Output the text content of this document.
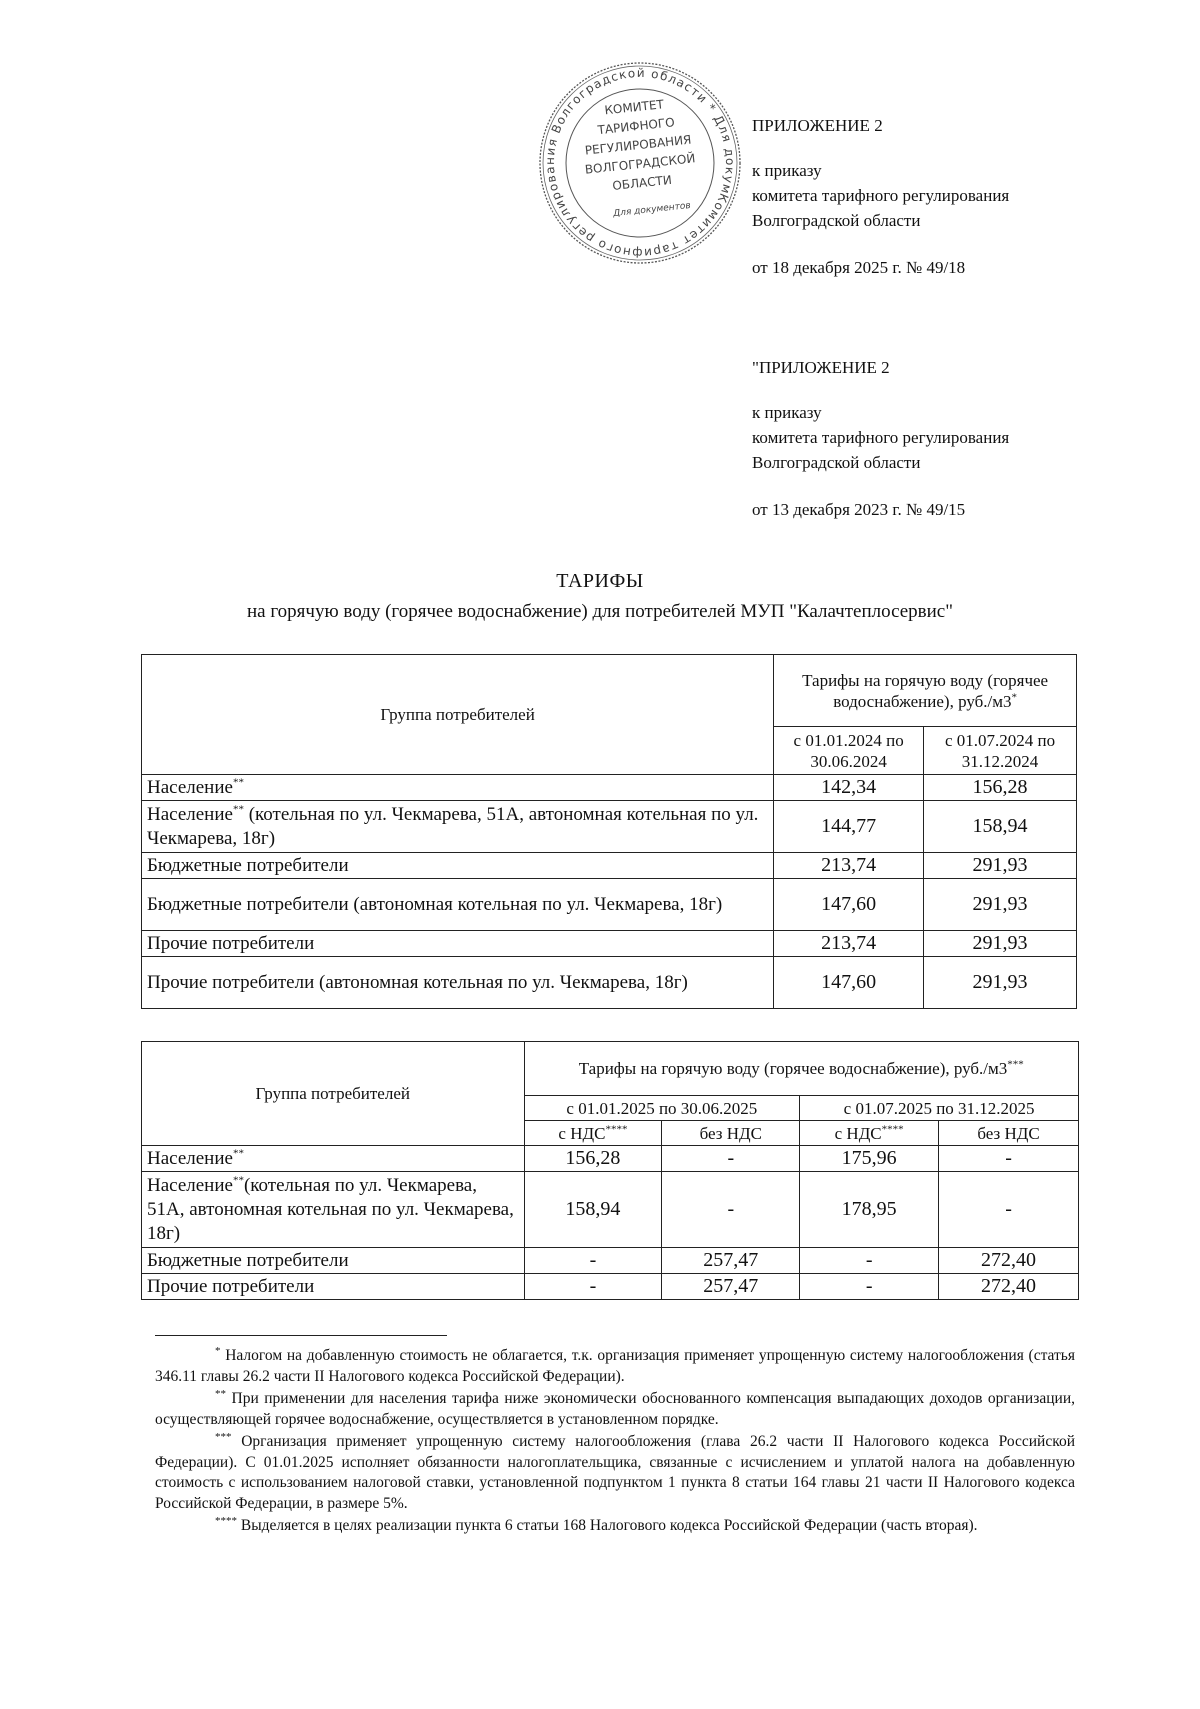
Комитет тарифного регулирования Волгоградской области * Для документов
КОМИТЕТ
ТАРИФНОГО
РЕГУЛИРОВАНИЯ
ВОЛГОГРАДСКОЙ
ОБЛАСТИ
Для документов
ПРИЛОЖЕНИЕ 2
к приказу
комитета тарифного регулирования
Волгоградской области
от 18 декабря 2025 г. № 49/18
"ПРИЛОЖЕНИЕ 2
к приказу
комитета тарифного регулирования
Волгоградской области
от 13 декабря 2023 г. № 49/15
ТАРИФЫ
на горячую воду (горячее водоснабжение) для потребителей МУП "Калачтеплосервис"
Группа потребителей	Тарифы на горячую воду (горячее водоснабжение), руб./м3*
	с 01.01.2024 по 30.06.2024	с 01.07.2024 по 31.12.2024
Население**	142,34	156,28
Население** (котельная по ул. Чекмарева, 51А, автономная котельная по ул. Чекмарева, 18г)	144,77	158,94
Бюджетные потребители	213,74	291,93
Бюджетные потребители (автономная котельная по ул. Чекмарева, 18г)	147,60	291,93
Прочие потребители	213,74	291,93
Прочие потребители (автономная котельная по ул. Чекмарева, 18г)	147,60	291,93
Группа потребителей	Тарифы на горячую воду (горячее водоснабжение), руб./м3***
	с 01.01.2025 по 30.06.2025		с 01.07.2025 по 31.12.2025	
	с НДС****	без НДС	с НДС****	без НДС
Население**	156,28	-	175,96	-
Население**(котельная по ул. Чекмарева, 51А, автономная котельная по ул. Чекмарева, 18г)	158,94	-	178,95	-
Бюджетные потребители	-	257,47	-	272,40
Прочие потребители	-	257,47	-	272,40

* Налогом на добавленную стоимость не облагается, т.к. организация применяет упрощенную систему налогообложения (статья 346.11 главы 26.2 части II Налогового кодекса Российской Федерации).

** При применении для населения тарифа ниже экономически обоснованного компенсация выпадающих доходов организации, осуществляющей горячее водоснабжение, осуществляется в установленном порядке.

*** Организация применяет упрощенную систему налогообложения (глава 26.2 части II Налогового кодекса Российской Федерации). С 01.01.2025 исполняет обязанности налогоплательщика, связанные с исчислением и уплатой налога на добавленную стоимость с использованием налоговой ставки, установленной подпунктом 1 пункта 8 статьи 164 главы 21 части II Налогового кодекса Российской Федерации, в размере 5%.

**** Выделяется в целях реализации пункта 6 статьи 168 Налогового кодекса Российской Федерации (часть вторая).
